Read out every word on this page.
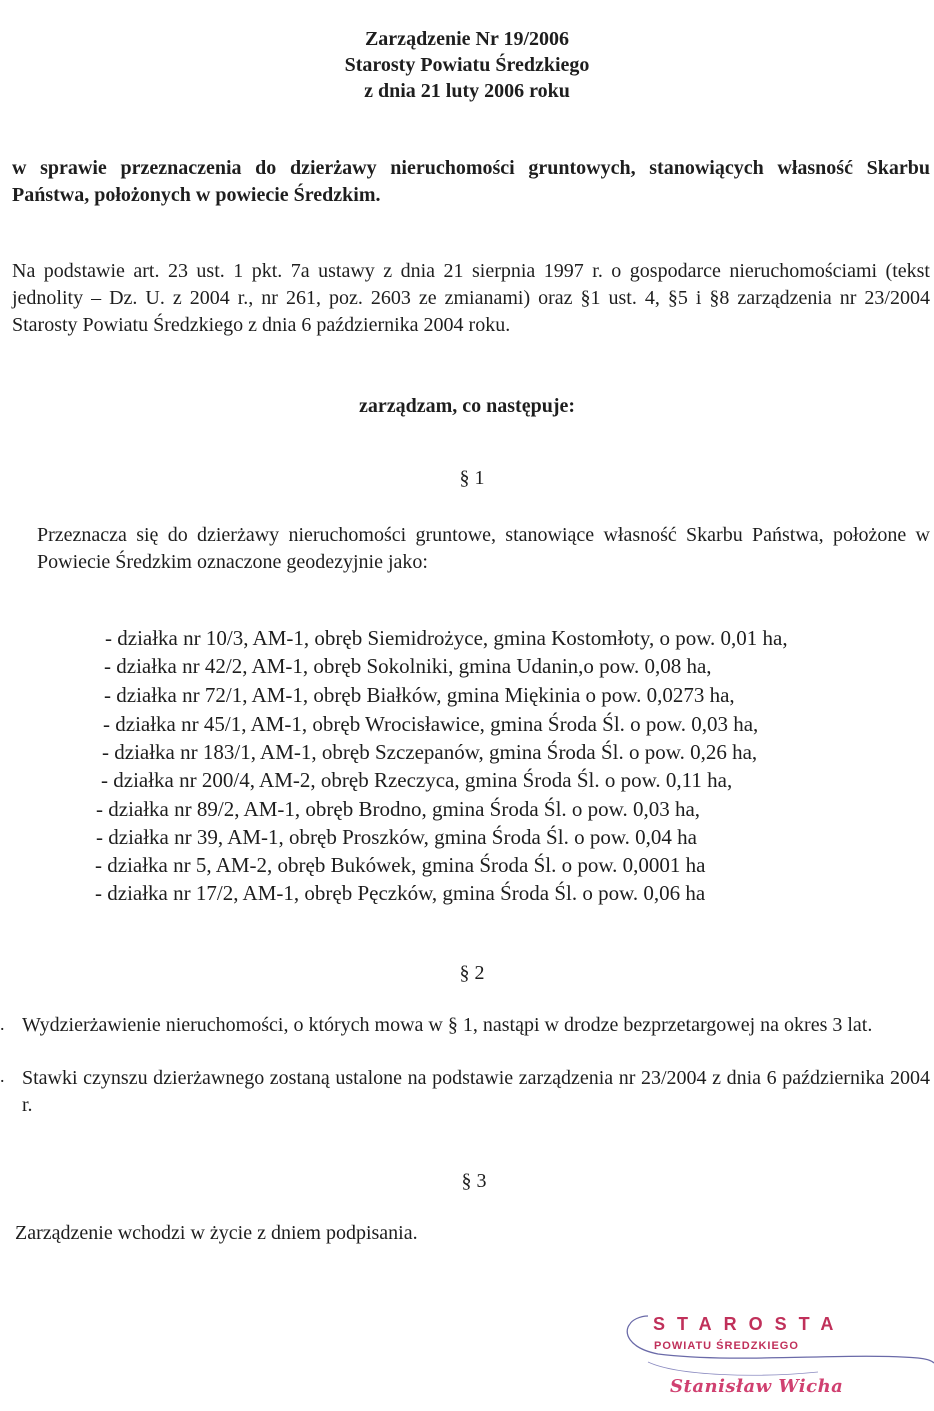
Zarządzenie Nr 19/2006
Starosty Powiatu Średzkiego
z dnia 21 luty 2006 roku
w sprawie przeznaczenia do dzierżawy nieruchomości gruntowych, stanowiących własność Skarbu Państwa, położonych w powiecie Średzkim.
Na podstawie art. 23 ust. 1 pkt. 7a ustawy z dnia 21 sierpnia 1997 r. o gospodarce nieruchomościami (tekst jednolity – Dz. U. z 2004 r., nr 261, poz. 2603 ze zmianami) oraz §1 ust. 4, §5 i §8 zarządzenia nr 23/2004 Starosty Powiatu Średzkiego z dnia 6 października 2004 roku.
zarządzam, co następuje:
§ 1
Przeznacza się do dzierżawy nieruchomości gruntowe, stanowiące własność Skarbu Państwa, położone w Powiecie Średzkim oznaczone geodezyjnie jako:
- działka nr 10/3, AM-1, obręb Siemidrożyce, gmina Kostomłoty, o pow. 0,01 ha,
- działka nr 42/2, AM-1, obręb Sokolniki, gmina Udanin,o pow. 0,08 ha,
- działka nr 72/1, AM-1, obręb Białków, gmina Miękinia o pow. 0,0273 ha,
- działka nr 45/1, AM-1, obręb Wrocisławice, gmina Środa Śl. o pow. 0,03 ha,
- działka nr 183/1, AM-1, obręb Szczepanów, gmina Środa Śl. o pow. 0,26 ha,
- działka nr 200/4, AM-2, obręb Rzeczyca, gmina Środa Śl. o pow. 0,11 ha,
- działka nr 89/2, AM-1, obręb Brodno, gmina Środa Śl. o pow. 0,03 ha,
- działka nr 39, AM-1, obręb Proszków, gmina Środa Śl. o pow. 0,04 ha
- działka nr 5, AM-2, obręb Bukówek, gmina Środa Śl. o pow. 0,0001 ha
- działka nr 17/2, AM-1, obręb Pęczków, gmina Środa Śl. o pow. 0,06 ha
§ 2
. Wydzierżawienie nieruchomości, o których mowa w § 1, nastąpi w drodze bezprzetargowej na okres 3 lat.
. Stawki czynszu dzierżawnego zostaną ustalone na podstawie zarządzenia nr 23/2004 z dnia 6 października 2004 r.
§ 3
Zarządzenie wchodzi w życie z dniem podpisania.
STAROSTA
POWIATU ŚREDZKIEGO
Stanisław Wicha
